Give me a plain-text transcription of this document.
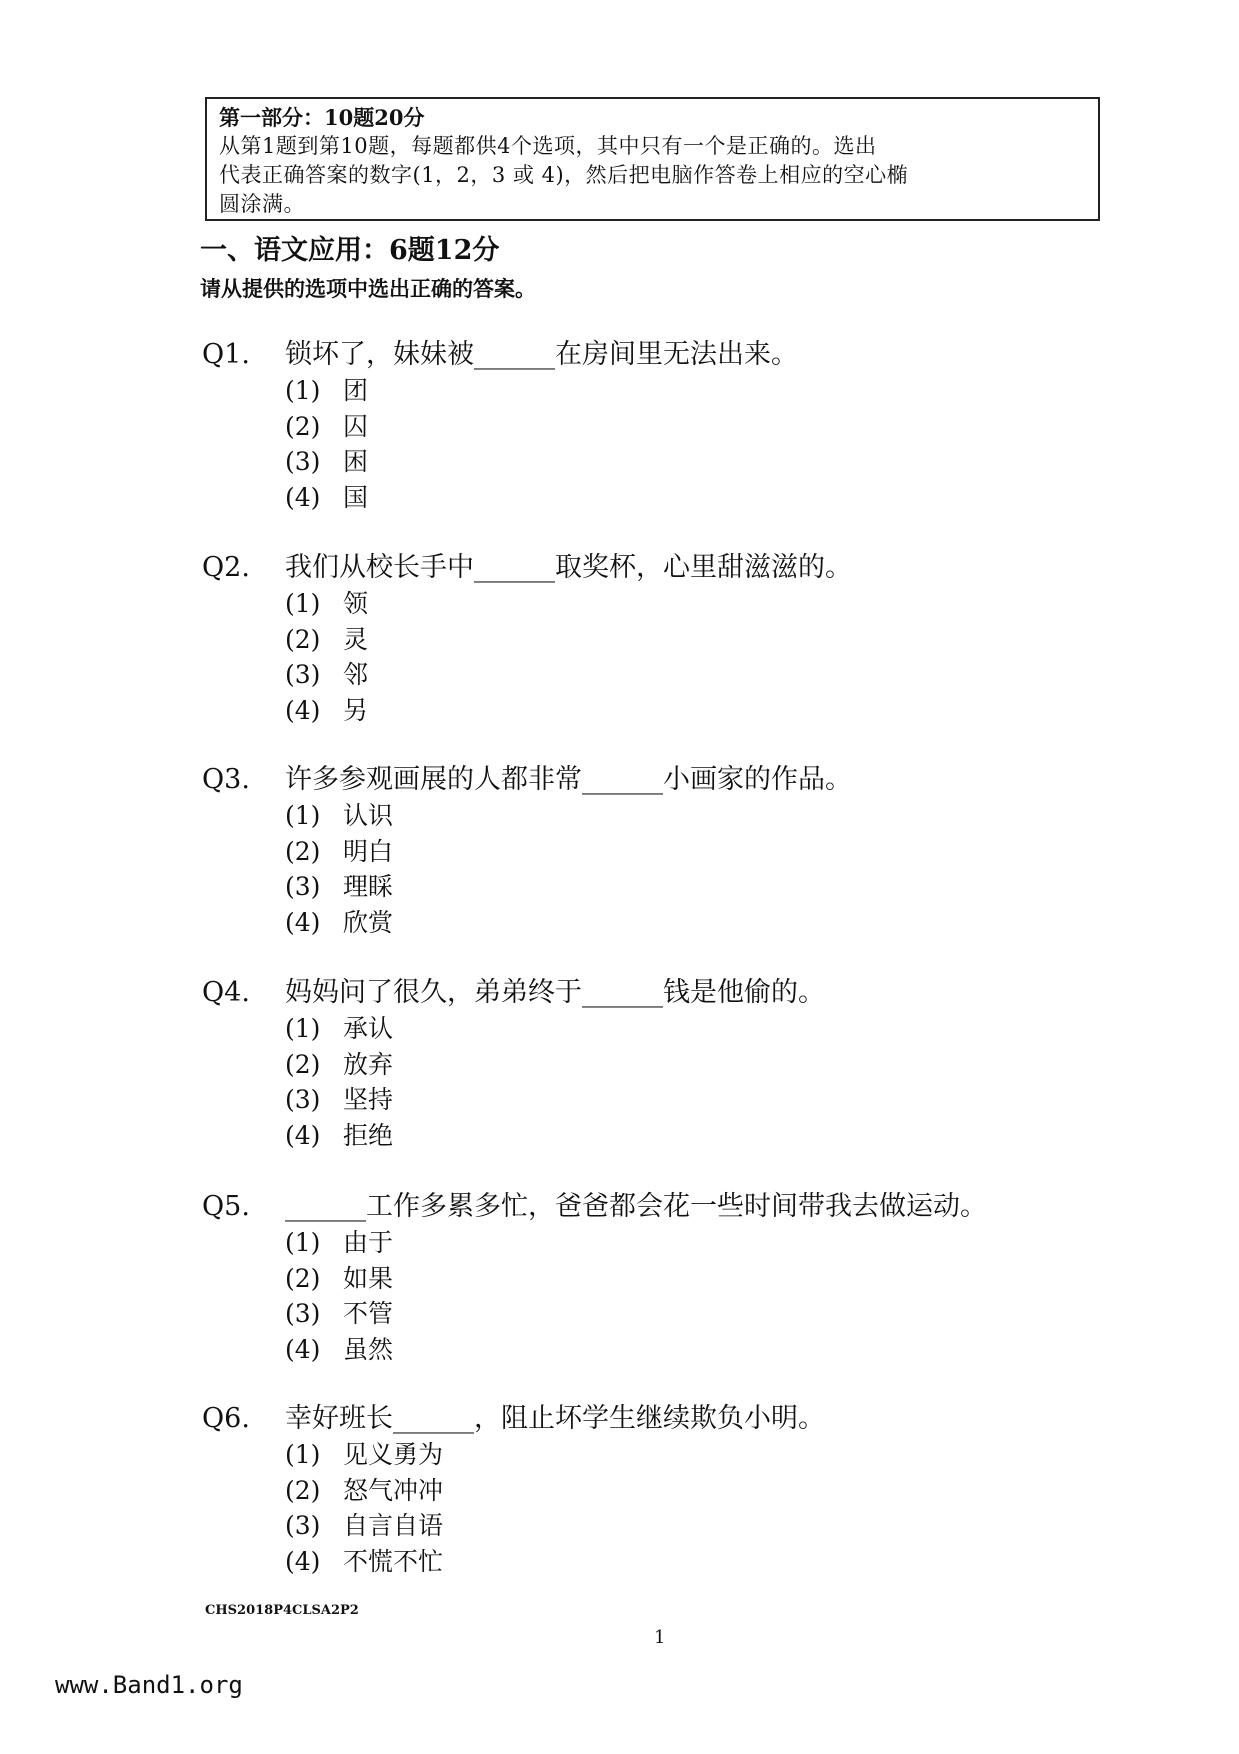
第一部分：10题20分
从第1题到第10题，每题都供4个选项，其中只有一个是正确的。选出
代表正确答案的数字(1，2，3 或 4)，然后把电脑作答卷上相应的空心椭
圆涂满。
一、语文应用：6题12分
请从提供的选项中选出正确的答案。
Q1. 锁坏了，妹妹被______在房间里无法出来。
(1) 团
(2) 囚
(3) 困
(4) 国
Q2. 我们从校长手中______取奖杯，心里甜滋滋的。
(1) 领
(2) 灵
(3) 邻
(4) 另
Q3. 许多参观画展的人都非常______小画家的作品。
(1) 认识
(2) 明白
(3) 理睬
(4) 欣赏
Q4. 妈妈问了很久，弟弟终于______钱是他偷的。
(1) 承认
(2) 放弃
(3) 坚持
(4) 拒绝
Q5. ______工作多累多忙，爸爸都会花一些时间带我去做运动。
(1) 由于
(2) 如果
(3) 不管
(4) 虽然
Q6. 幸好班长______，阻止坏学生继续欺负小明。
(1) 见义勇为
(2) 怒气冲冲
(3) 自言自语
(4) 不慌不忙
CHS2018P4CLSA2P2
1
www.Band1.org
